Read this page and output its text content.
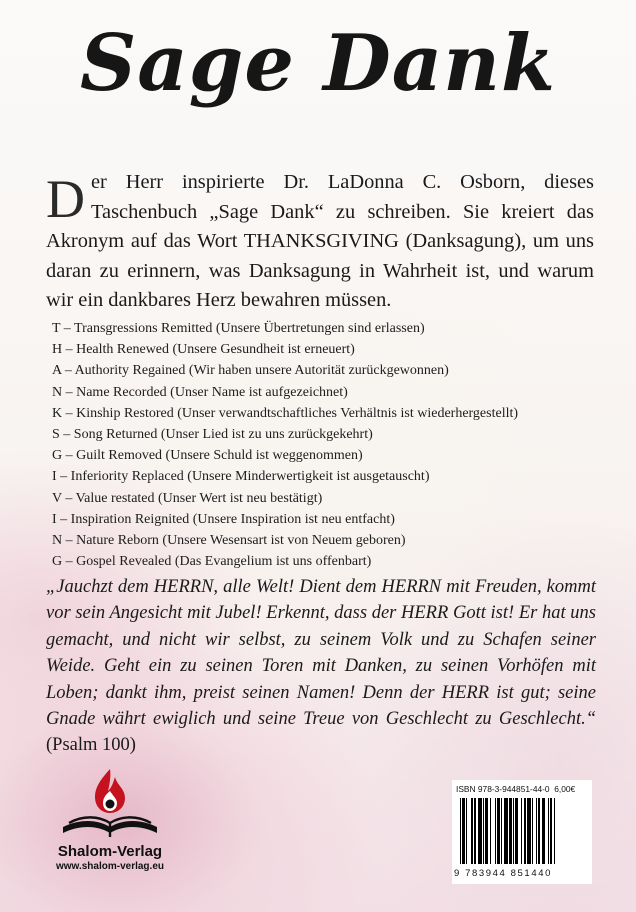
Sage Dank

Der Herr inspirierte Dr. LaDonna C. Osborn, dieses Taschenbuch „Sage Dank“ zu schreiben. Sie kreiert das Akronym auf das Wort THANKSGIVING (Danksagung), um uns daran zu erinnern, was Danksagung in Wahrheit ist, und warum wir ein dankbares Herz bewahren müssen.

T – Transgressions Remitted (Unsere Übertretungen sind erlassen)
H – Health Renewed (Unsere Gesundheit ist erneuert)
A – Authority Regained (Wir haben unsere Autorität zurückgewonnen)
N – Name Recorded (Unser Name ist aufgezeichnet)
K – Kinship Restored (Unser verwandtschaftliches Verhältnis ist wiederhergestellt)
S – Song Returned (Unser Lied ist zu uns zurückgekehrt)
G – Guilt Removed (Unsere Schuld ist weggenommen)
I – Inferiority Replaced (Unsere Minderwertigkeit ist ausgetauscht)
V – Value restated (Unser Wert ist neu bestätigt)
I – Inspiration Reignited (Unsere Inspiration ist neu entfacht)
N – Nature Reborn (Unsere Wesensart ist von Neuem geboren)
G – Gospel Revealed (Das Evangelium ist uns offenbart)

„Jauchzt dem HERRN, alle Welt! Dient dem HERRN mit Freuden, kommt vor sein Angesicht mit Jubel! Erkennt, dass der HERR Gott ist! Er hat uns gemacht, und nicht wir selbst, zu seinem Volk und zu Schafen seiner Weide. Geht ein zu seinen Toren mit Danken, zu seinen Vorhöfen mit Loben; dankt ihm, preist seinen Namen! Denn der HERR ist gut; seine Gnade währt ewiglich und seine Treue von Geschlecht zu Geschlecht.“ (Psalm 100)

Shalom-Verlag
www.shalom-verlag.eu
ISBN 978-3-944851-44-0 6,00€
9 783944 851440
